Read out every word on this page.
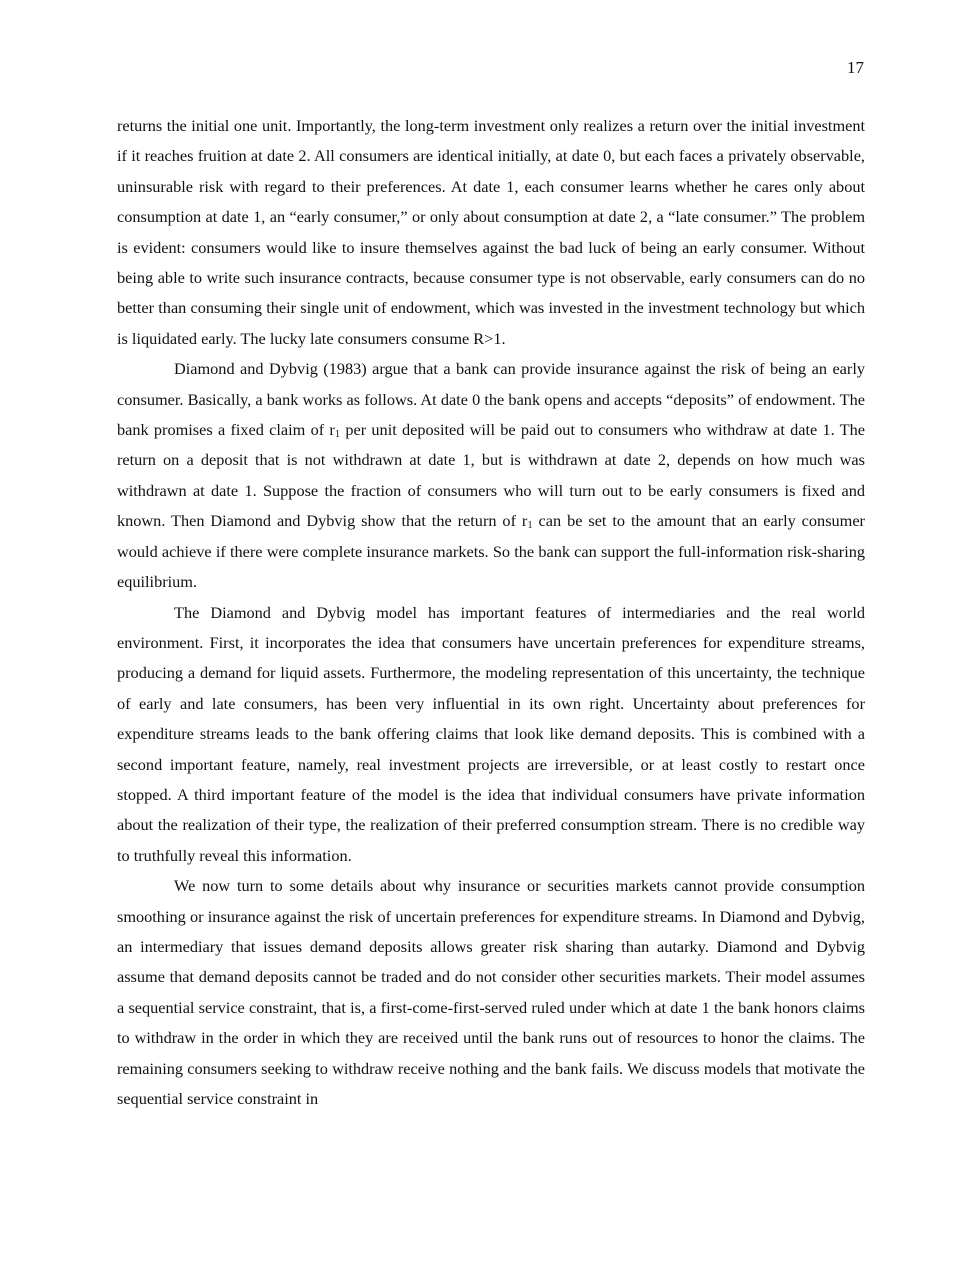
17

returns the initial one unit. Importantly, the long-term investment only realizes a return over the initial investment if it reaches fruition at date 2. All consumers are identical initially, at date 0, but each faces a privately observable, uninsurable risk with regard to their preferences. At date 1, each consumer learns whether he cares only about consumption at date 1, an “early consumer,” or only about consumption at date 2, a “late consumer.” The problem is evident: consumers would like to insure themselves against the bad luck of being an early consumer. Without being able to write such insurance contracts, because consumer type is not observable, early consumers can do no better than consuming their single unit of endowment, which was invested in the investment technology but which is liquidated early. The lucky late consumers consume R>1.

Diamond and Dybvig (1983) argue that a bank can provide insurance against the risk of being an early consumer. Basically, a bank works as follows. At date 0 the bank opens and accepts “deposits” of endowment. The bank promises a fixed claim of $r_1$ per unit deposited will be paid out to consumers who withdraw at date 1. The return on a deposit that is not withdrawn at date 1, but is withdrawn at date 2, depends on how much was withdrawn at date 1. Suppose the fraction of consumers who will turn out to be early consumers is fixed and known. Then Diamond and Dybvig show that the return of $r_1$ can be set to the amount that an early consumer would achieve if there were complete insurance markets. So the bank can support the full-information risk-sharing equilibrium.

The Diamond and Dybvig model has important features of intermediaries and the real world environment. First, it incorporates the idea that consumers have uncertain preferences for expenditure streams, producing a demand for liquid assets. Furthermore, the modeling representation of this uncertainty, the technique of early and late consumers, has been very influential in its own right. Uncertainty about preferences for expenditure streams leads to the bank offering claims that look like demand deposits. This is combined with a second important feature, namely, real investment projects are irreversible, or at least costly to restart once stopped. A third important feature of the model is the idea that individual consumers have private information about the realization of their type, the realization of their preferred consumption stream. There is no credible way to truthfully reveal this information.

We now turn to some details about why insurance or securities markets cannot provide consumption smoothing or insurance against the risk of uncertain preferences for expenditure streams. In Diamond and Dybvig, an intermediary that issues demand deposits allows greater risk sharing than autarky. Diamond and Dybvig assume that demand deposits cannot be traded and do not consider other securities markets. Their model assumes a sequential service constraint, that is, a first-come-first-served ruled under which at date 1 the bank honors claims to withdraw in the order in which they are received until the bank runs out of resources to honor the claims. The remaining consumers seeking to withdraw receive nothing and the bank fails. We discuss models that motivate the sequential service constraint in
